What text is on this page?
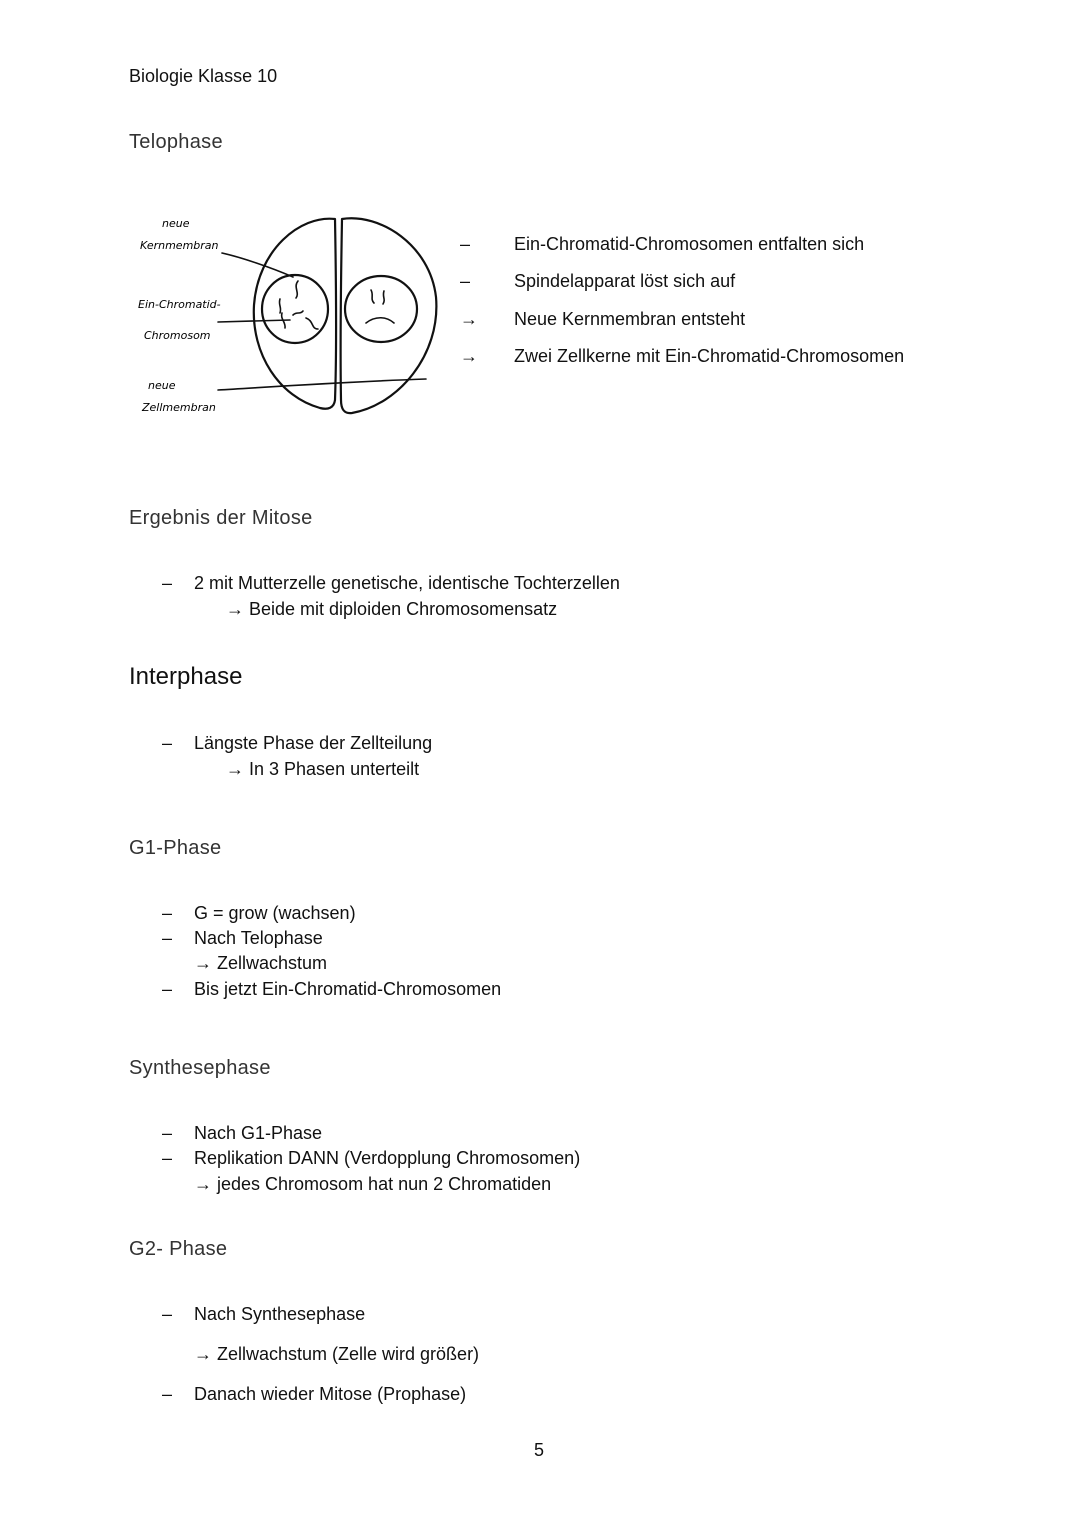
Biologie Klasse 10
Telophase
neue
Kernmembran
Ein-Chromatid-
Chromosom
neue
Zellmembran
– Ein-Chromatid-Chromosomen entfalten sich
– Spindelapparat löst sich auf
→ Neue Kernmembran entsteht
→ Zwei Zellkerne mit Ein-Chromatid-Chromosomen
Ergebnis der Mitose
– 2 mit Mutterzelle genetische, identische Tochterzellen
→ Beide mit diploiden Chromosomensatz
Interphase
– Längste Phase der Zellteilung
→ In 3 Phasen unterteilt
G1-Phase
– G = grow (wachsen)
– Nach Telophase
→ Zellwachstum
– Bis jetzt Ein-Chromatid-Chromosomen
Synthesephase
– Nach G1-Phase
– Replikation DANN (Verdopplung Chromosomen)
→ jedes Chromosom hat nun 2 Chromatiden
G2- Phase
– Nach Synthesephase
→ Zellwachstum (Zelle wird größer)
– Danach wieder Mitose (Prophase)
5
